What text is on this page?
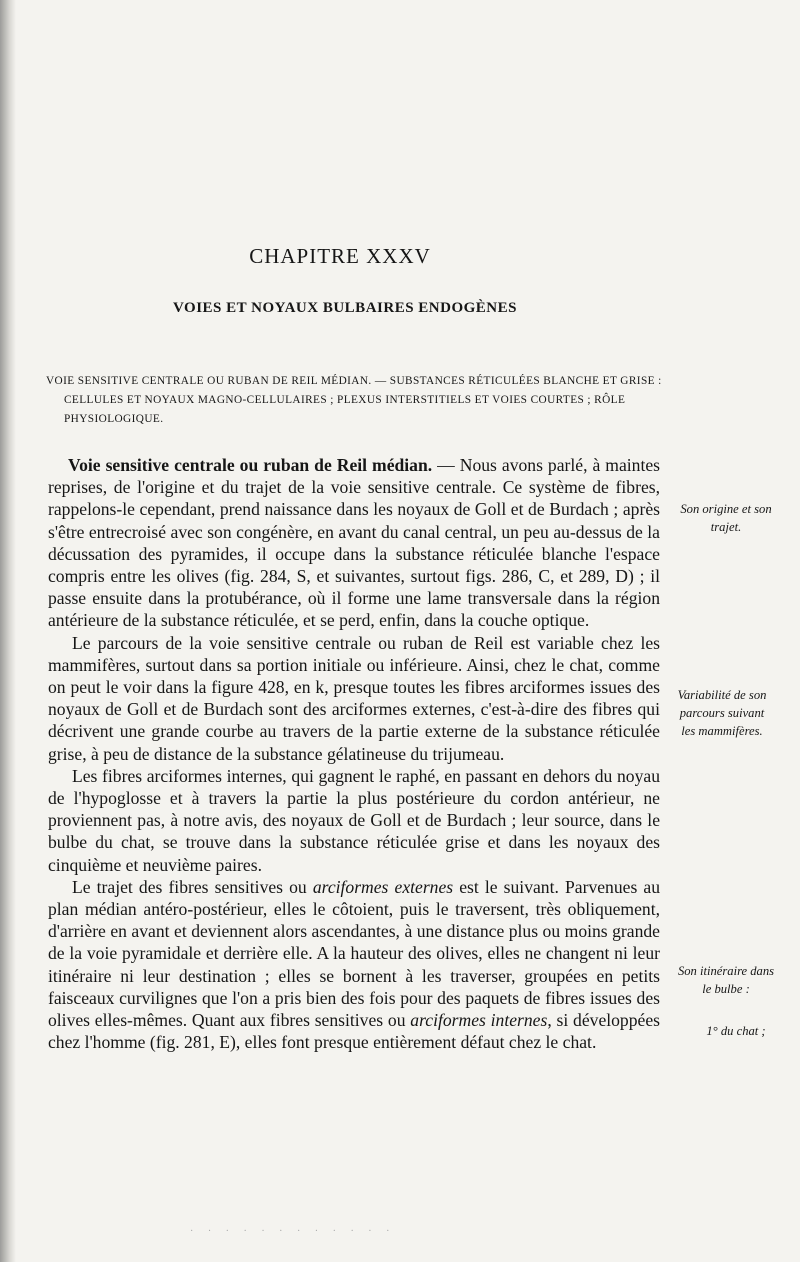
CHAPITRE XXXV
VOIES ET NOYAUX BULBAIRES ENDOGÈNES
VOIE SENSITIVE CENTRALE OU RUBAN DE REIL MÉDIAN. — SUBSTANCES RÉTICULÉES BLANCHE ET GRISE : CELLULES ET NOYAUX MAGNO-CELLULAIRES ; PLEXUS INTERSTITIELS ET VOIES COURTES ; RÔLE PHYSIOLOGIQUE.

Voie sensitive centrale ou ruban de Reil médian. — Nous avons parlé, à maintes reprises, de l'origine et du trajet de la voie sensitive centrale. Ce système de fibres, rappelons-le cependant, prend naissance dans les noyaux de Goll et de Burdach ; après s'être entrecroisé avec son congénère, en avant du canal central, un peu au-dessus de la décussation des pyramides, il occupe dans la substance réticulée blanche l'espace compris entre les olives (fig. 284, S, et suivantes, surtout figs. 286, C, et 289, D) ; il passe ensuite dans la protubérance, où il forme une lame transversale dans la région antérieure de la substance réticulée, et se perd, enfin, dans la couche optique.

Le parcours de la voie sensitive centrale ou ruban de Reil est variable chez les mammifères, surtout dans sa portion initiale ou inférieure. Ainsi, chez le chat, comme on peut le voir dans la figure 428, en k, presque toutes les fibres arciformes issues des noyaux de Goll et de Burdach sont des arciformes externes, c'est-à-dire des fibres qui décrivent une grande courbe au travers de la partie externe de la substance réticulée grise, à peu de distance de la substance gélatineuse du trijumeau.

Les fibres arciformes internes, qui gagnent le raphé, en passant en dehors du noyau de l'hypoglosse et à travers la partie la plus postérieure du cordon antérieur, ne proviennent pas, à notre avis, des noyaux de Goll et de Burdach ; leur source, dans le bulbe du chat, se trouve dans la substance réticulée grise et dans les noyaux des cinquième et neuvième paires.

Le trajet des fibres sensitives ou arciformes externes est le suivant. Parvenues au plan médian antéro-postérieur, elles le côtoient, puis le traversent, très obliquement, d'arrière en avant et deviennent alors ascendantes, à une distance plus ou moins grande de la voie pyramidale et derrière elle. A la hauteur des olives, elles ne changent ni leur itinéraire ni leur destination ; elles se bornent à les traverser, groupées en petits faisceaux curvilignes que l'on a pris bien des fois pour des paquets de fibres issues des olives elles-mêmes. Quant aux fibres sensitives ou arciformes internes, si développées chez l'homme (fig. 281, E), elles font presque entièrement défaut chez le chat.

Son origine et son trajet.
Variabilité de son parcours suivant les mammifères.
Son itinéraire dans le bulbe :
1° du chat ;
· · · · · · · · · · · ·
